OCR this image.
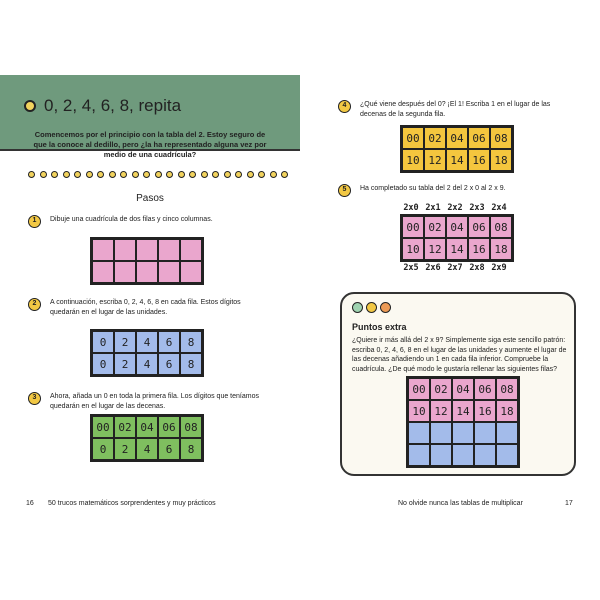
0, 2, 4, 6, 8, repita
Comencemos por el principio con la tabla del 2. Estoy seguro de que la conoce al dedillo, pero ¿la ha representado alguna vez por medio de una cuadrícula?
Pasos
1	Dibuje una cuadrícula de dos filas y cinco columnas.
2	A continuación, escriba 0, 2, 4, 6, 8 en cada fila. Estos dígitos quedarán en el lugar de las unidades.
0	2	4	6	8
0	2	4	6	8
3	Ahora, añada un 0 en toda la primera fila. Los dígitos que teníamos quedarán en el lugar de las decenas.
00 02 04 06 08
0	2	4	6	8
16 50 trucos matemáticos sorprendentes y muy prácticos
4	¿Qué viene después del 0? ¡El 1! Escriba 1 en el lugar de las decenas de la segunda fila.
00 02 04 06 08
10 12 14 16 18
5	Ha completado su tabla del 2 del 2 x 0 al 2 x 9.
2x0 2x1 2x2 2x3 2x4
00 02 04 06 08
10 12 14 16 18
2x5 2x6 2x7 2x8 2x9
Puntos extra
¿Quiere ir más allá del 2 x 9? Simplemente siga este sencillo patrón: escriba 0, 2, 4, 6, 8 en el lugar de las unidades y aumente el lugar de las decenas añadiendo un 1 en cada fila inferior. Compruebe la cuadrícula. ¿De qué modo le gustaría rellenar las siguientes filas?
00 02 04 06 08
10 12 14 16 18
No olvide nunca las tablas de multiplicar	17
